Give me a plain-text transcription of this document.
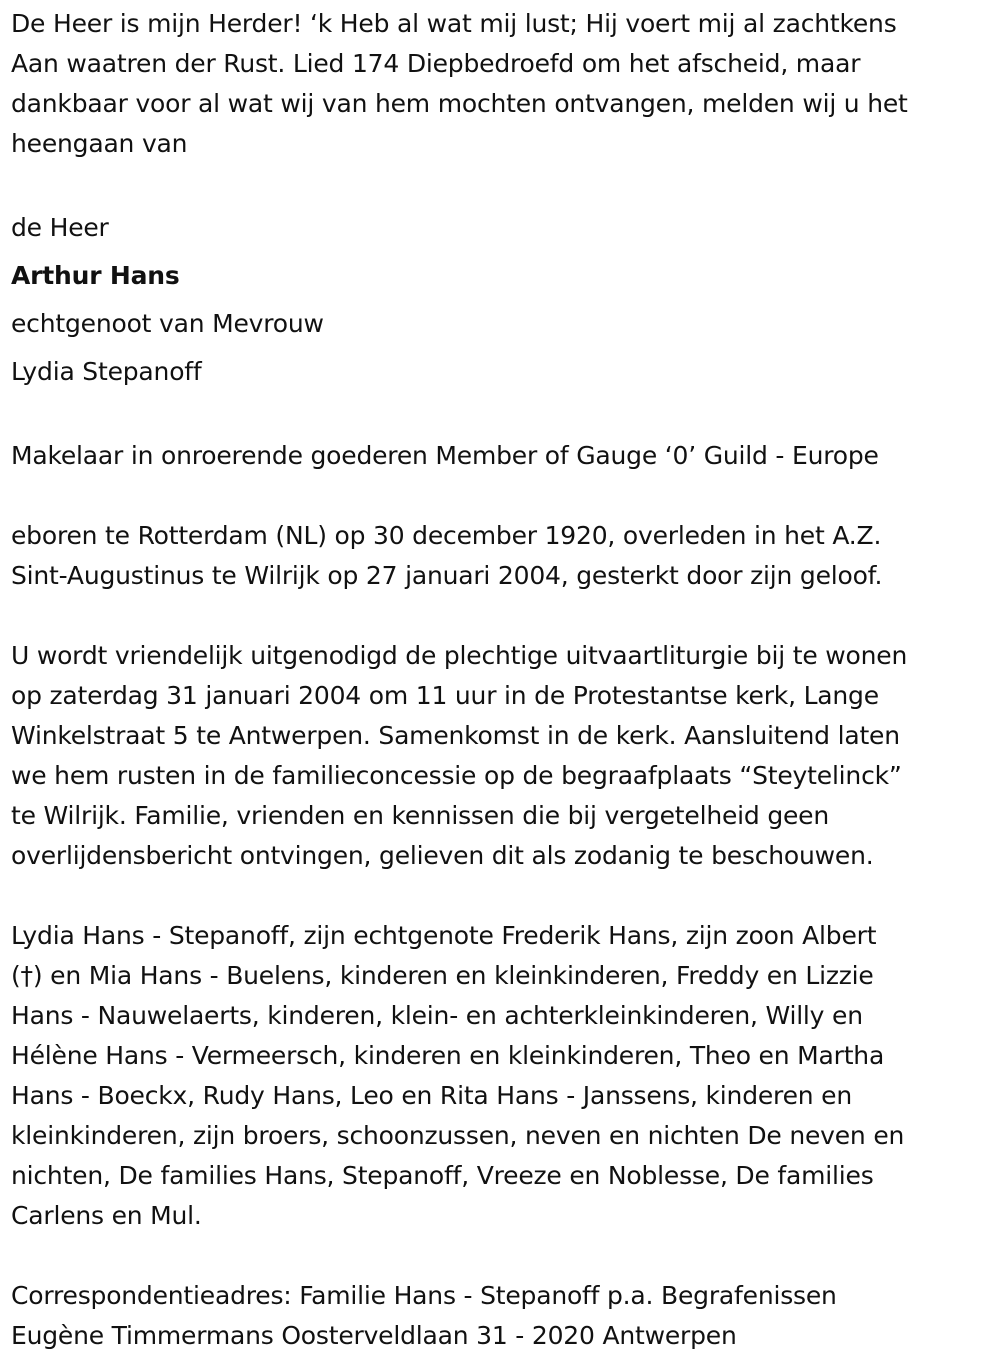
De Heer is mijn Herder! ‘k Heb al wat mij lust; Hij voert mij al zachtkens
Aan waatren der Rust. Lied 174 Diepbedroefd om het afscheid, maar
dankbaar voor al wat wij van hem mochten ontvangen, melden wij u het
heengaan van
de Heer
Arthur Hans
echtgenoot van Mevrouw
Lydia Stepanoff
Makelaar in onroerende goederen Member of Gauge ‘0’ Guild - Europe
eboren te Rotterdam (NL) op 30 december 1920, overleden in het A.Z.
Sint-Augustinus te Wilrijk op 27 januari 2004, gesterkt door zijn geloof.
U wordt vriendelijk uitgenodigd de plechtige uitvaartliturgie bij te wonen
op zaterdag 31 januari 2004 om 11 uur in de Protestantse kerk, Lange
Winkelstraat 5 te Antwerpen. Samenkomst in de kerk. Aansluitend laten
we hem rusten in de familieconcessie op de begraafplaats “Steytelinck”
te Wilrijk. Familie, vrienden en kennissen die bij vergetelheid geen
overlijdensbericht ontvingen, gelieven dit als zodanig te beschouwen.
Lydia Hans - Stepanoff, zijn echtgenote Frederik Hans, zijn zoon Albert
(†) en Mia Hans - Buelens, kinderen en kleinkinderen, Freddy en Lizzie
Hans - Nauwelaerts, kinderen, klein- en achterkleinkinderen, Willy en
Hélène Hans - Vermeersch, kinderen en kleinkinderen, Theo en Martha
Hans - Boeckx, Rudy Hans, Leo en Rita Hans - Janssens, kinderen en
kleinkinderen, zijn broers, schoonzussen, neven en nichten De neven en
nichten, De families Hans, Stepanoff, Vreeze en Noblesse, De families
Carlens en Mul.
Correspondentieadres: Familie Hans - Stepanoff p.a. Begrafenissen
Eugène Timmermans Oosterveldlaan 31 - 2020 Antwerpen
